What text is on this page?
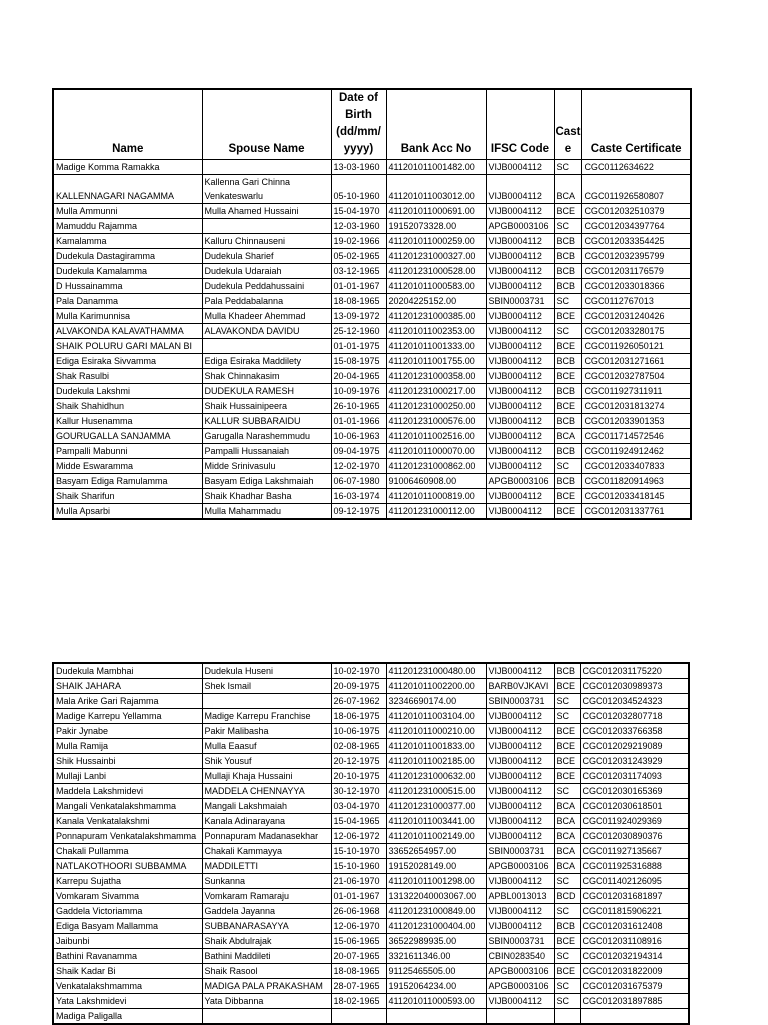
Name	Spouse Name	Date of Birth (dd/mm/ yyyy)	Bank Acc No	IFSC Code	Cast e	Caste Certificate
Madige Komma Ramakka		13-03-1960	411201011001482.00	VIJB0004112	SC	CGC0112634622
KALLENNAGARI NAGAMMA	Kallenna Gari Chinna Venkateswarlu	05-10-1960	411201011003012.00	VIJB0004112	BCA	CGC011926580807
Mulla Ammunni	Mulla Ahamed Hussaini	15-04-1970	411201011000691.00	VIJB0004112	BCE	CGC012032510379
Mamuddu Rajamma		12-03-1960	19152073328.00	APGB0003106	SC	CGC012034397764
Kamalamma	Kalluru Chinnauseni	19-02-1966	411201011000259.00	VIJB0004112	BCB	CGC012033354425
Dudekula Dastagiramma	Dudekula Sharief	05-02-1965	411201231000327.00	VIJB0004112	BCB	CGC012032395799
Dudekula Kamalamma	Dudekula Udaraiah	03-12-1965	411201231000528.00	VIJB0004112	BCB	CGC012031176579
D Hussainamma	Dudekula Peddahussaini	01-01-1967	411201011000583.00	VIJB0004112	BCB	CGC012033018366
Pala Danamma	Pala Peddabalanna	18-08-1965	20204225152.00	SBIN0003731	SC	CGC0112767013
Mulla Karimunnisa	Mulla Khadeer Ahemmad	13-09-1972	411201231000385.00	VIJB0004112	BCE	CGC012031240426
ALVAKONDA KALAVATHAMMA	ALAVAKONDA DAVIDU	25-12-1960	411201011002353.00	VIJB0004112	SC	CGC012033280175
SHAIK POLURU GARI MALAN BI		01-01-1975	411201011001333.00	VIJB0004112	BCE	CGC011926050121
Ediga Esiraka Sivvamma	Ediga Esiraka Maddilety	15-08-1975	411201011001755.00	VIJB0004112	BCB	CGC012031271661
Shak Rasulbi	Shak Chinnakasim	20-04-1965	411201231000358.00	VIJB0004112	BCE	CGC012032787504
Dudekula Lakshmi	DUDEKULA RAMESH	10-09-1976	411201231000217.00	VIJB0004112	BCB	CGC011927311911
Shaik Shahidhun	Shaik Hussainipeera	26-10-1965	411201231000250.00	VIJB0004112	BCE	CGC012031813274
Kallur Husenamma	KALLUR SUBBARAIDU	01-01-1966	411201231000576.00	VIJB0004112	BCB	CGC012033901353
GOURUGALLA SANJAMMA	Garugalla Narashemmudu	10-06-1963	411201011002516.00	VIJB0004112	BCA	CGC011714572546
Pampalli Mabunni	Pampalli Hussanaiah	09-04-1975	411201011000070.00	VIJB0004112	BCB	CGC011924912462
Midde Eswaramma	Midde Srinivasulu	12-02-1970	411201231000862.00	VIJB0004112	SC	CGC012033407833
Basyam Ediga Ramulamma	Basyam Ediga Lakshmaiah	06-07-1980	91006460908.00	APGB0003106	BCB	CGC011820914963
Shaik Sharifun	Shaik Khadhar Basha	16-03-1974	411201011000819.00	VIJB0004112	BCE	CGC012033418145
Mulla Apsarbi	Mulla Mahammadu	09-12-1975	411201231000112.00	VIJB0004112	BCE	CGC012031337761
Dudekula Mambhai	Dudekula Huseni	10-02-1970	411201231000480.00	VIJB0004112	BCB	CGC012031175220
SHAIK JAHARA	Shek Ismail	20-09-1975	411201011002200.00	BARB0VJKAVI	BCE	CGC012030989373
Mala Arike Gari Rajamma		26-07-1962	32346690174.00	SBIN0003731	SC	CGC012034524323
Madige Karrepu Yellamma	Madige Karrepu Franchise	18-06-1975	411201011003104.00	VIJB0004112	SC	CGC012032807718
Pakir Jynabe	Pakir Malibasha	10-06-1975	411201011000210.00	VIJB0004112	BCE	CGC012033766358
Mulla Ramija	Mulla Eaasuf	02-08-1965	411201011001833.00	VIJB0004112	BCE	CGC012029219089
Shik Hussainbi	Shik Yousuf	20-12-1975	411201011002185.00	VIJB0004112	BCE	CGC012031243929
Mullaji Lanbi	Mullaji Khaja Hussaini	20-10-1975	411201231000632.00	VIJB0004112	BCE	CGC012031174093
Maddela Lakshmidevi	MADDELA CHENNAYYA	30-12-1970	411201231000515.00	VIJB0004112	SC	CGC012030165369
Mangali Venkatalakshmamma	Mangali Lakshmaiah	03-04-1970	411201231000377.00	VIJB0004112	BCA	CGC012030618501
Kanala Venkatalakshmi	Kanala Adinarayana	15-04-1965	411201011003441.00	VIJB0004112	BCA	CGC011924029369
Ponnapuram Venkatalakshmamma	Ponnapuram Madanasekhar	12-06-1972	411201011002149.00	VIJB0004112	BCA	CGC012030890376
Chakali Pullamma	Chakali Kammayya	15-10-1970	33652654957.00	SBIN0003731	BCA	CGC011927135667
NATLAKOTHOORI SUBBAMMA	MADDILETTI	15-10-1960	19152028149.00	APGB0003106	BCA	CGC011925316888
Karrepu Sujatha	Sunkanna	21-06-1970	411201011001298.00	VIJB0004112	SC	CGC011402126095
Vomkaram Sivamma	Vomkaram Ramaraju	01-01-1967	131322040003067.00	APBL0013013	BCD	CGC012031681897
Gaddela Victoriamma	Gaddela Jayanna	26-06-1968	411201231000849.00	VIJB0004112	SC	CGC011815906221
Ediga Basyam Mallamma	SUBBANARASAYYA	12-06-1970	411201231000404.00	VIJB0004112	BCB	CGC012031612408
Jaibunbi	Shaik Abdulrajak	15-06-1965	36522989935.00	SBIN0003731	BCE	CGC012031108916
Bathini Ravanamma	Bathini Maddileti	20-07-1965	3321611346.00	CBIN0283540	SC	CGC012032194314
Shaik Kadar Bi	Shaik Rasool	18-08-1965	91125465505.00	APGB0003106	BCE	CGC012031822009
Venkatalakshmamma	MADIGA PALA PRAKASHAM	28-07-1965	19152064234.00	APGB0003106	SC	CGC012031675379
Yata Lakshmidevi	Yata Dibbanna	18-02-1965	411201011000593.00	VIJB0004112	SC	CGC012031897885
Madiga Paligalla						
